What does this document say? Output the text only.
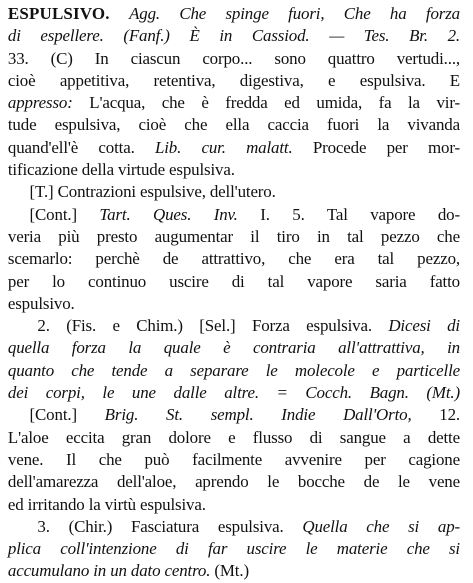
ESPULSIVO. Agg. Che spinge fuori, Che ha forza
di espellere. (Fanf.) È in Cassiod. — Tes. Br. 2.
33. (C) In ciascun corpo... sono quattro vertudi...,
cioè appetitiva, retentiva, digestiva, e espulsiva. E
appresso: L'acqua, che è fredda ed umida, fa la vir-
tude espulsiva, cioè che ella caccia fuori la vivanda
quand'ell'è cotta. Lib. cur. malatt. Procede per mor-
tificazione della virtude espulsiva.
[T.] Contrazioni espulsive, dell'utero.
[Cont.] Tart. Ques. Inv. I. 5. Tal vapore do-
veria più presto augumentar il tiro in tal pezzo che
scemarlo: perchè de attrattivo, che era tal pezzo,
per lo continuo uscire di tal vapore saria fatto
espulsivo.
2. (Fis. e Chim.) [Sel.] Forza espulsiva. Dicesi di
quella forza la quale è contraria all'attrattiva, in
quanto che tende a separare le molecole e particelle
dei corpi, le une dalle altre. = Cocch. Bagn. (Mt.)
[Cont.] Brig. St. sempl. Indie Dall'Orto, 12.
L'aloe eccita gran dolore e flusso di sangue a dette
vene. Il che può facilmente avvenire per cagione
dell'amarezza dell'aloe, aprendo le bocche de le vene
ed irritando la virtù espulsiva.
3. (Chir.) Fasciatura espulsiva. Quella che si ap-
plica coll'intenzione di far uscire le materie che si
accumulano in un dato centro. (Mt.)
